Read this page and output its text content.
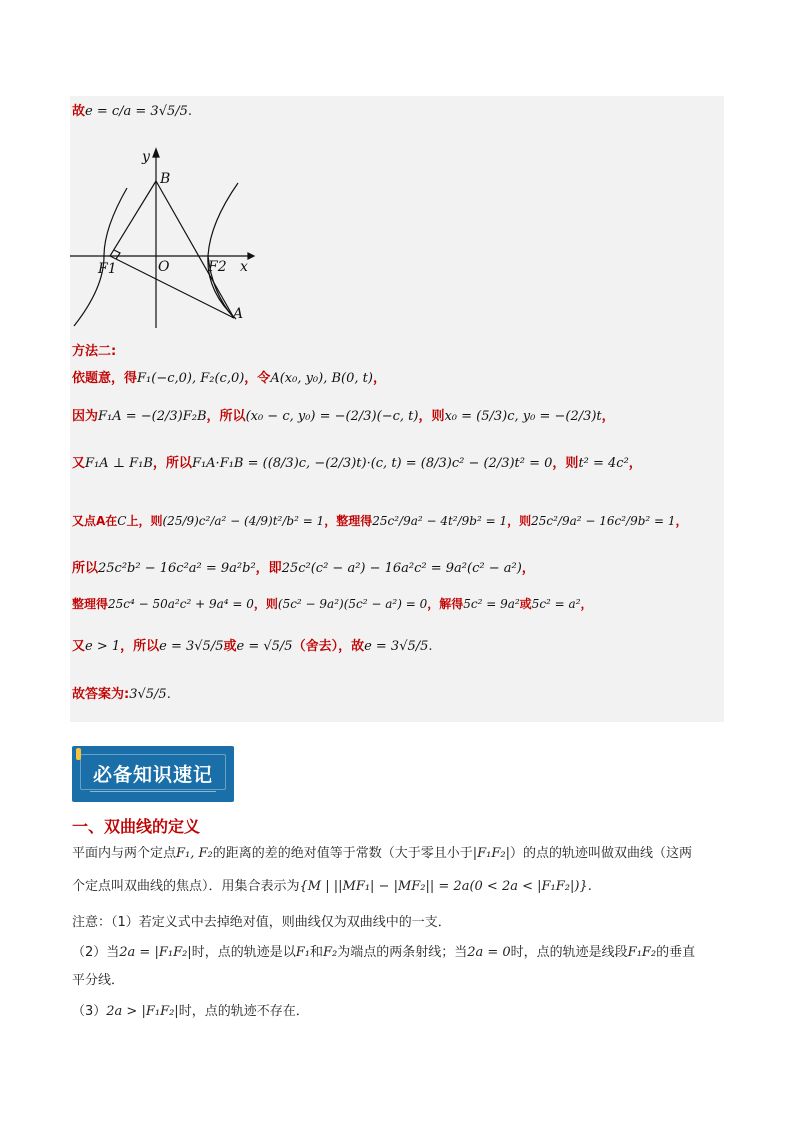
故e = c/a = 3√5/5.
y
B
F1	O	F2 x
A
方法二:
依题意，得F₁(−c,0), F₂(c,0)，令A(x₀, y₀), B(0, t)，
因为F₁A = −(2/3)F₂B，所以(x₀ − c, y₀) = −(2/3)(−c, t)，则x₀ = (5/3)c, y₀ = −(2/3)t，
又F₁A ⊥ F₁B，所以F₁A·F₁B = ((8/3)c, −(2/3)t)·(c, t) = (8/3)c² − (2/3)t² = 0，则t² = 4c²，
又点A在C上，则(25/9)c²/a² − (4/9)t²/b² = 1，整理得25c²/9a² − 4t²/9b² = 1，则25c²/9a² − 16c²/9b² = 1，
所以25c²b² − 16c²a² = 9a²b²，即25c²(c² − a²) − 16a²c² = 9a²(c² − a²)，
整理得25c⁴ − 50a²c² + 9a⁴ = 0，则(5c² − 9a²)(5c² − a²) = 0，解得5c² = 9a²或5c² = a²，
又e > 1，所以e = 3√5/5或e = √5/5（舍去），故e = 3√5/5.
故答案为:3√5/5.
必备知识速记
一、双曲线的定义
平面内与两个定点F₁, F₂的距离的差的绝对值等于常数（大于零且小于|F₁F₂|）的点的轨迹叫做双曲线（这两
个定点叫双曲线的焦点）．用集合表示为{M | ||MF₁| − |MF₂|| = 2a(0 < 2a < |F₁F₂|)}.
注意：（1）若定义式中去掉绝对值，则曲线仅为双曲线中的一支．
（2）当2a = |F₁F₂|时，点的轨迹是以F₁和F₂为端点的两条射线；当2a = 0时，点的轨迹是线段F₁F₂的垂直
平分线．
（3）2a > |F₁F₂|时，点的轨迹不存在．
